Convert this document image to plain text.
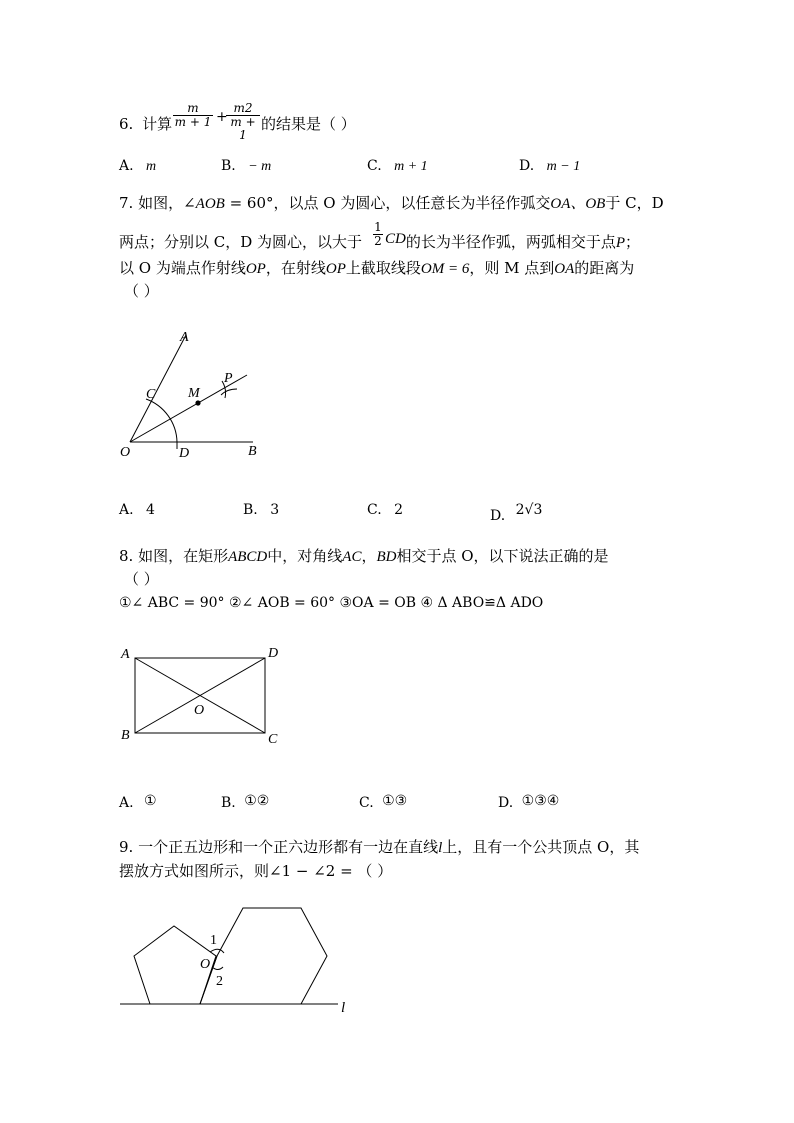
6. 计算 $\frac{m}{m + 1}$ +
$\frac{m2}{m + 1}$ 的结果是（ ）
A. m	B. − m	C. m + 1	D. m − 1
7. 如图，∠AOB = 60°，以点 O 为圆心，以任意长为半径作弧交OA、OB于 C，D
两点；分别以 C，D 为圆心，以大于 $\frac{1}{2}$ CD的长为半径作弧，两弧相交于点P；
以 O 为端点作射线OP，在射线OP上截取线段OM = 6，则 M 点到OA的距离为
（ ）
A
C M
P
O	D	B
A. 4	B. 3	C. 2	D. 2√3
8. 如图，在矩形ABCD中，对角线AC，BD相交于点 O，以下说法正确的是
（ ）
①∠ ABC = 90° ②∠ AOB = 60° ③OA = OB ④ Δ ABO≌Δ ADO
A	D
B	C
O
A. ①	B. ①②	C. ①③	D. ①③④
9. 一个正五边形和一个正六边形都有一边在直线l上，且有一个公共顶点 O，其
摆放方式如图所示，则∠1 − ∠2 = （ ）
1
O
2
l
